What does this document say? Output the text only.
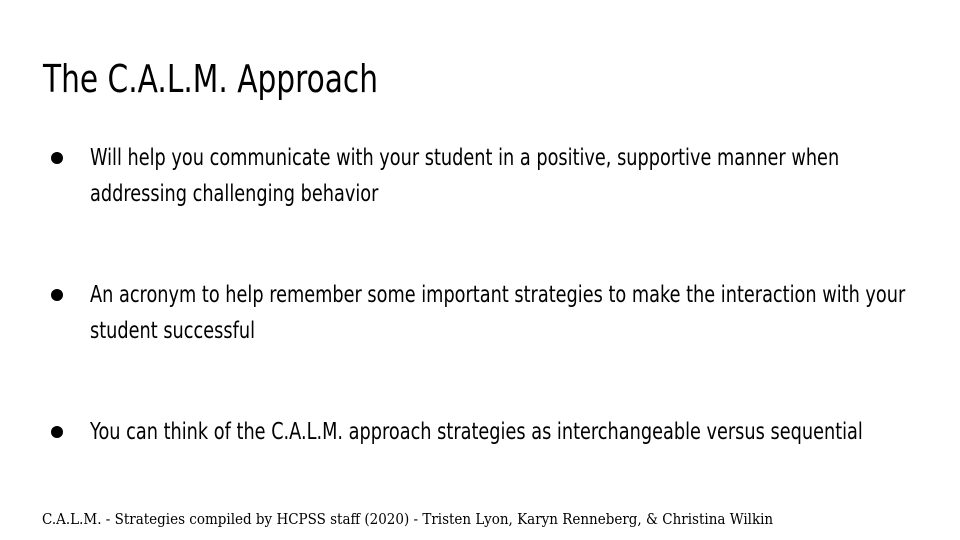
The C.A.L.M. Approach
Will help you communicate with your student in a positive, supportive manner when addressing challenging behavior
An acronym to help remember some important strategies to make the interaction with your student successful
You can think of the C.A.L.M. approach strategies as interchangeable versus sequential
C.A.L.M. - Strategies compiled by HCPSS staff (2020) - Tristen Lyon, Karyn Renneberg, & Christina Wilkin
